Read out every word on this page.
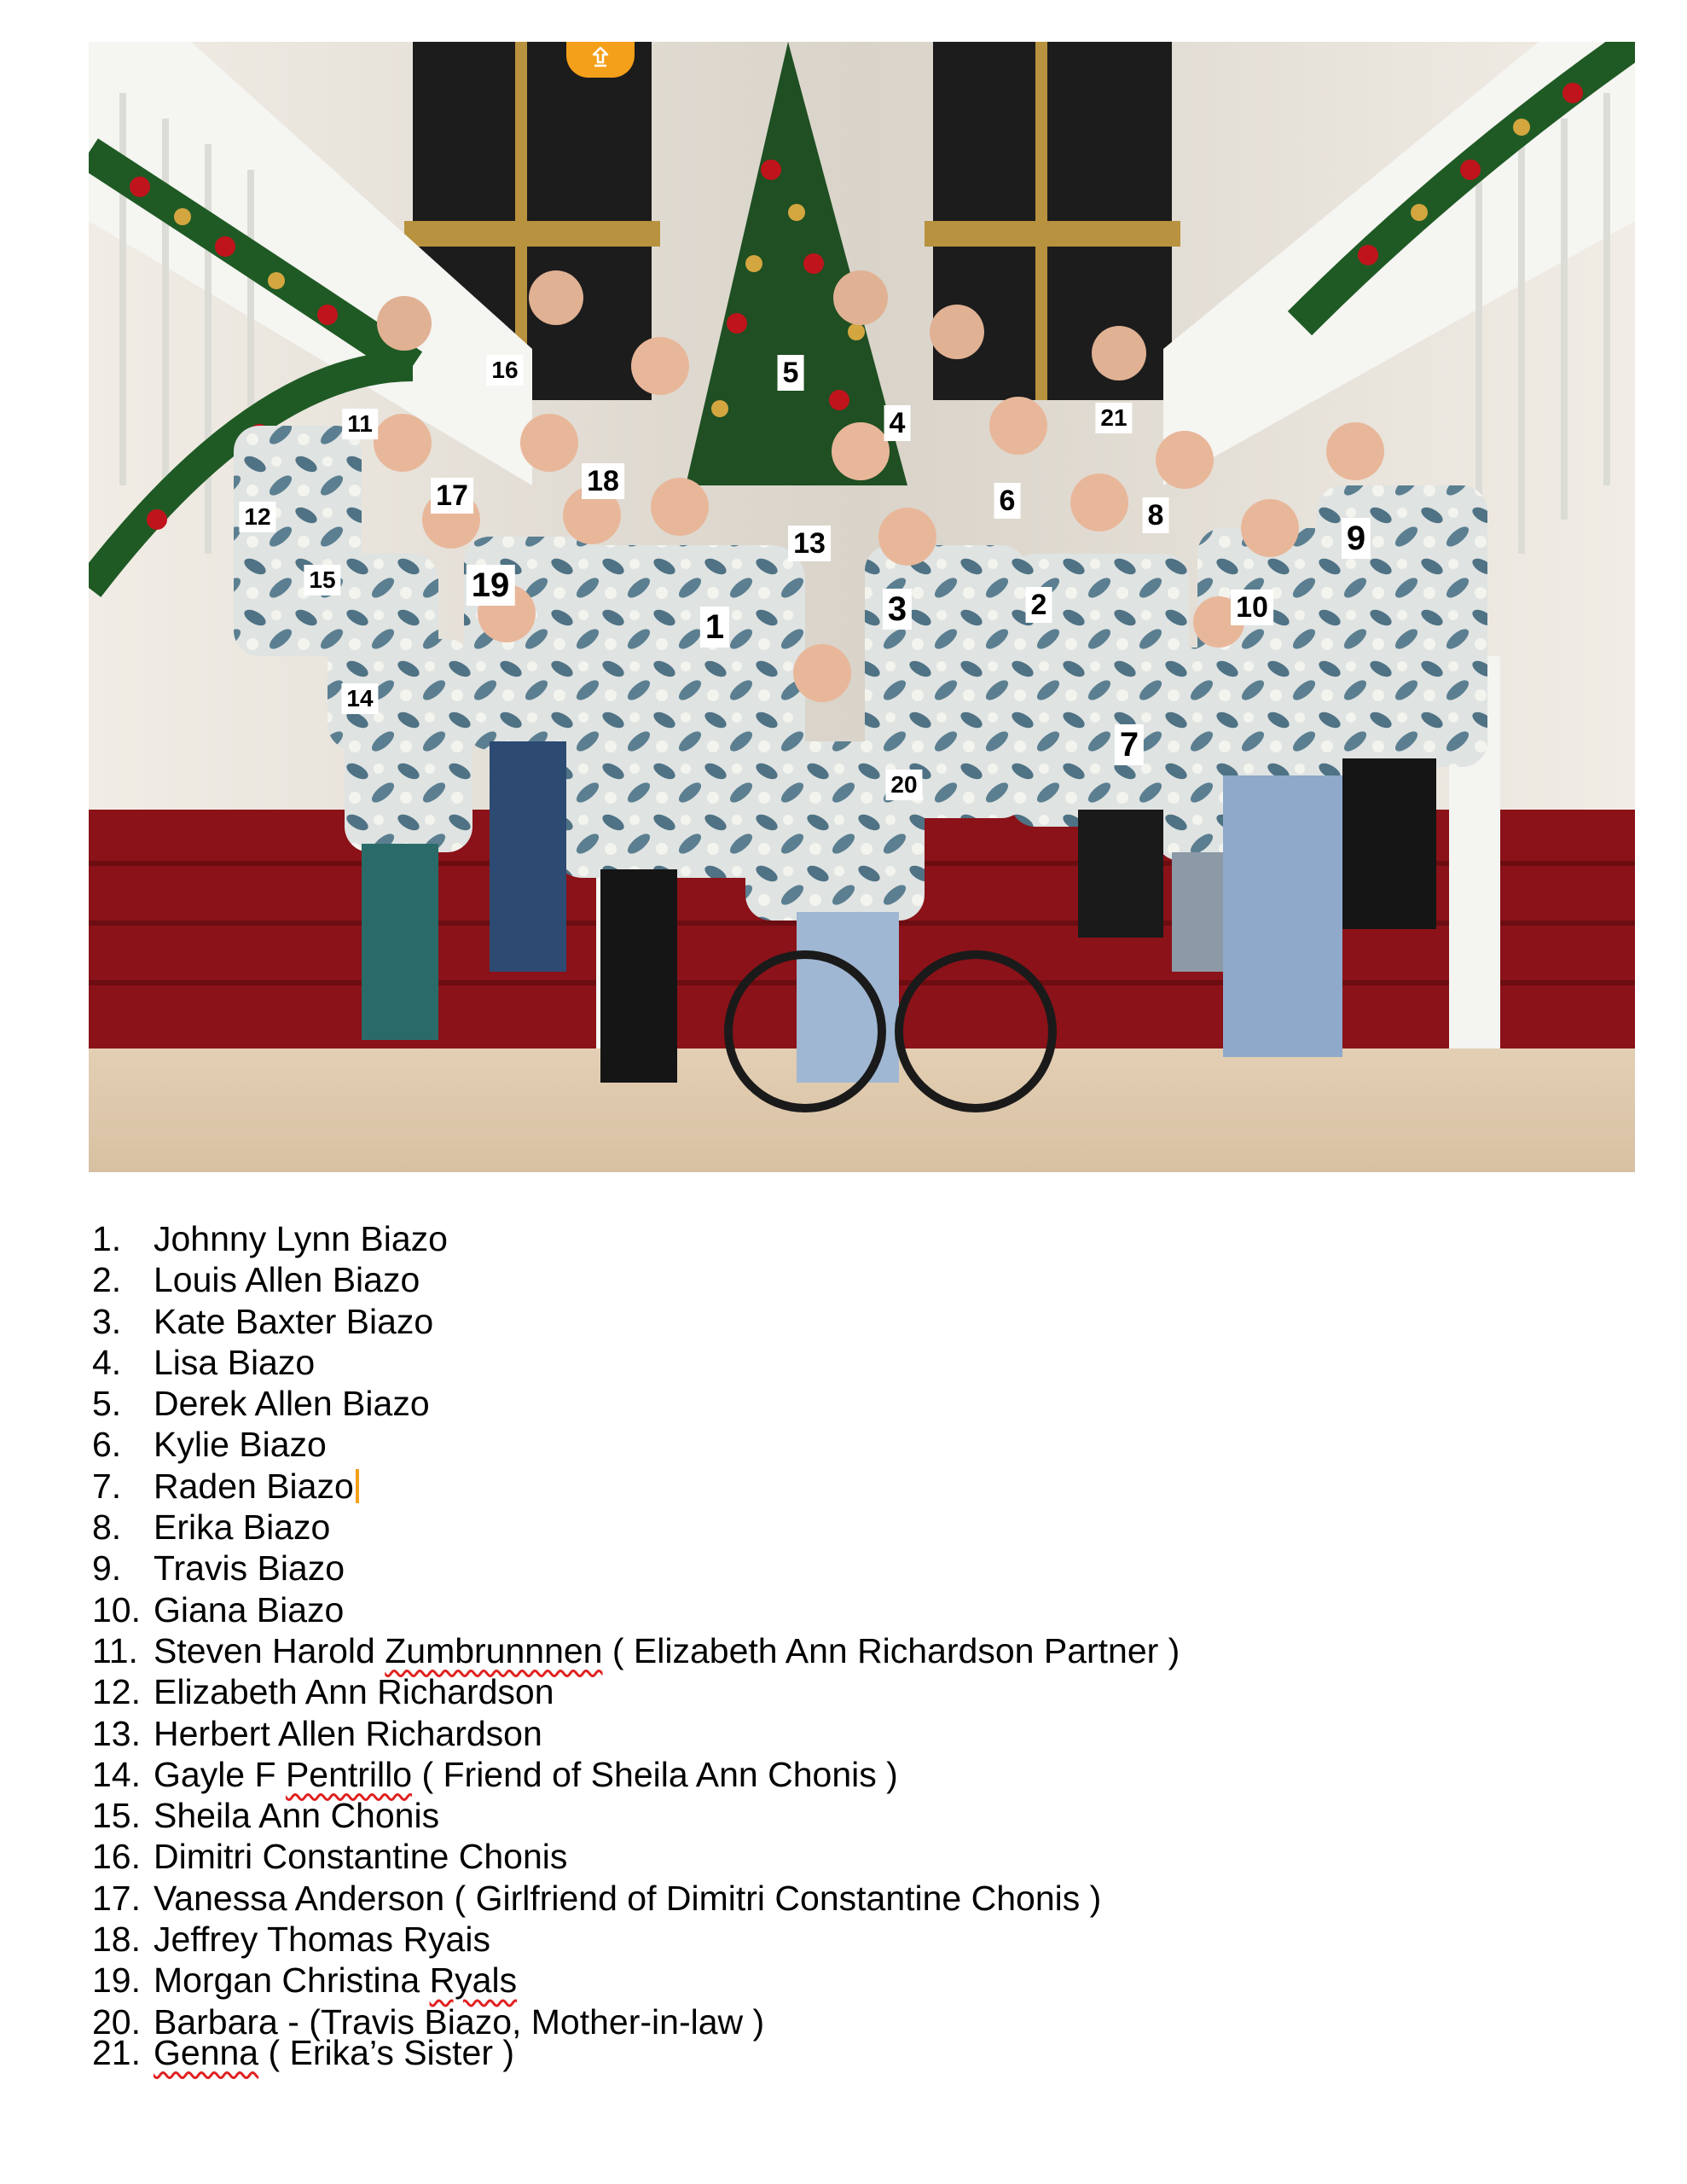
1
2
3
4
5
6
7
8
9
10
11
12
13
14
15
16
17	18
19
20
21
1. Johnny Lynn Biazo
2. Louis Allen Biazo
3. Kate Baxter Biazo
4. Lisa Biazo
5. Derek Allen Biazo
6. Kylie Biazo
7. Raden Biazo
8. Erika Biazo
9. Travis Biazo
10. Giana Biazo
11. Steven Harold Zumbrunnnen ( Elizabeth Ann Richardson Partner )
12. Elizabeth Ann Richardson
13. Herbert Allen Richardson
14. Gayle F Pentrillo ( Friend of Sheila Ann Chonis )
15. Sheila Ann Chonis
16. Dimitri Constantine Chonis
17. Vanessa Anderson ( Girlfriend of Dimitri Constantine Chonis )
18. Jeffrey Thomas Ryais
19. Morgan Christina Ryals
20. Barbara - (Travis Biazo, Mother-in-law )
21. Genna ( Erika’s Sister )
